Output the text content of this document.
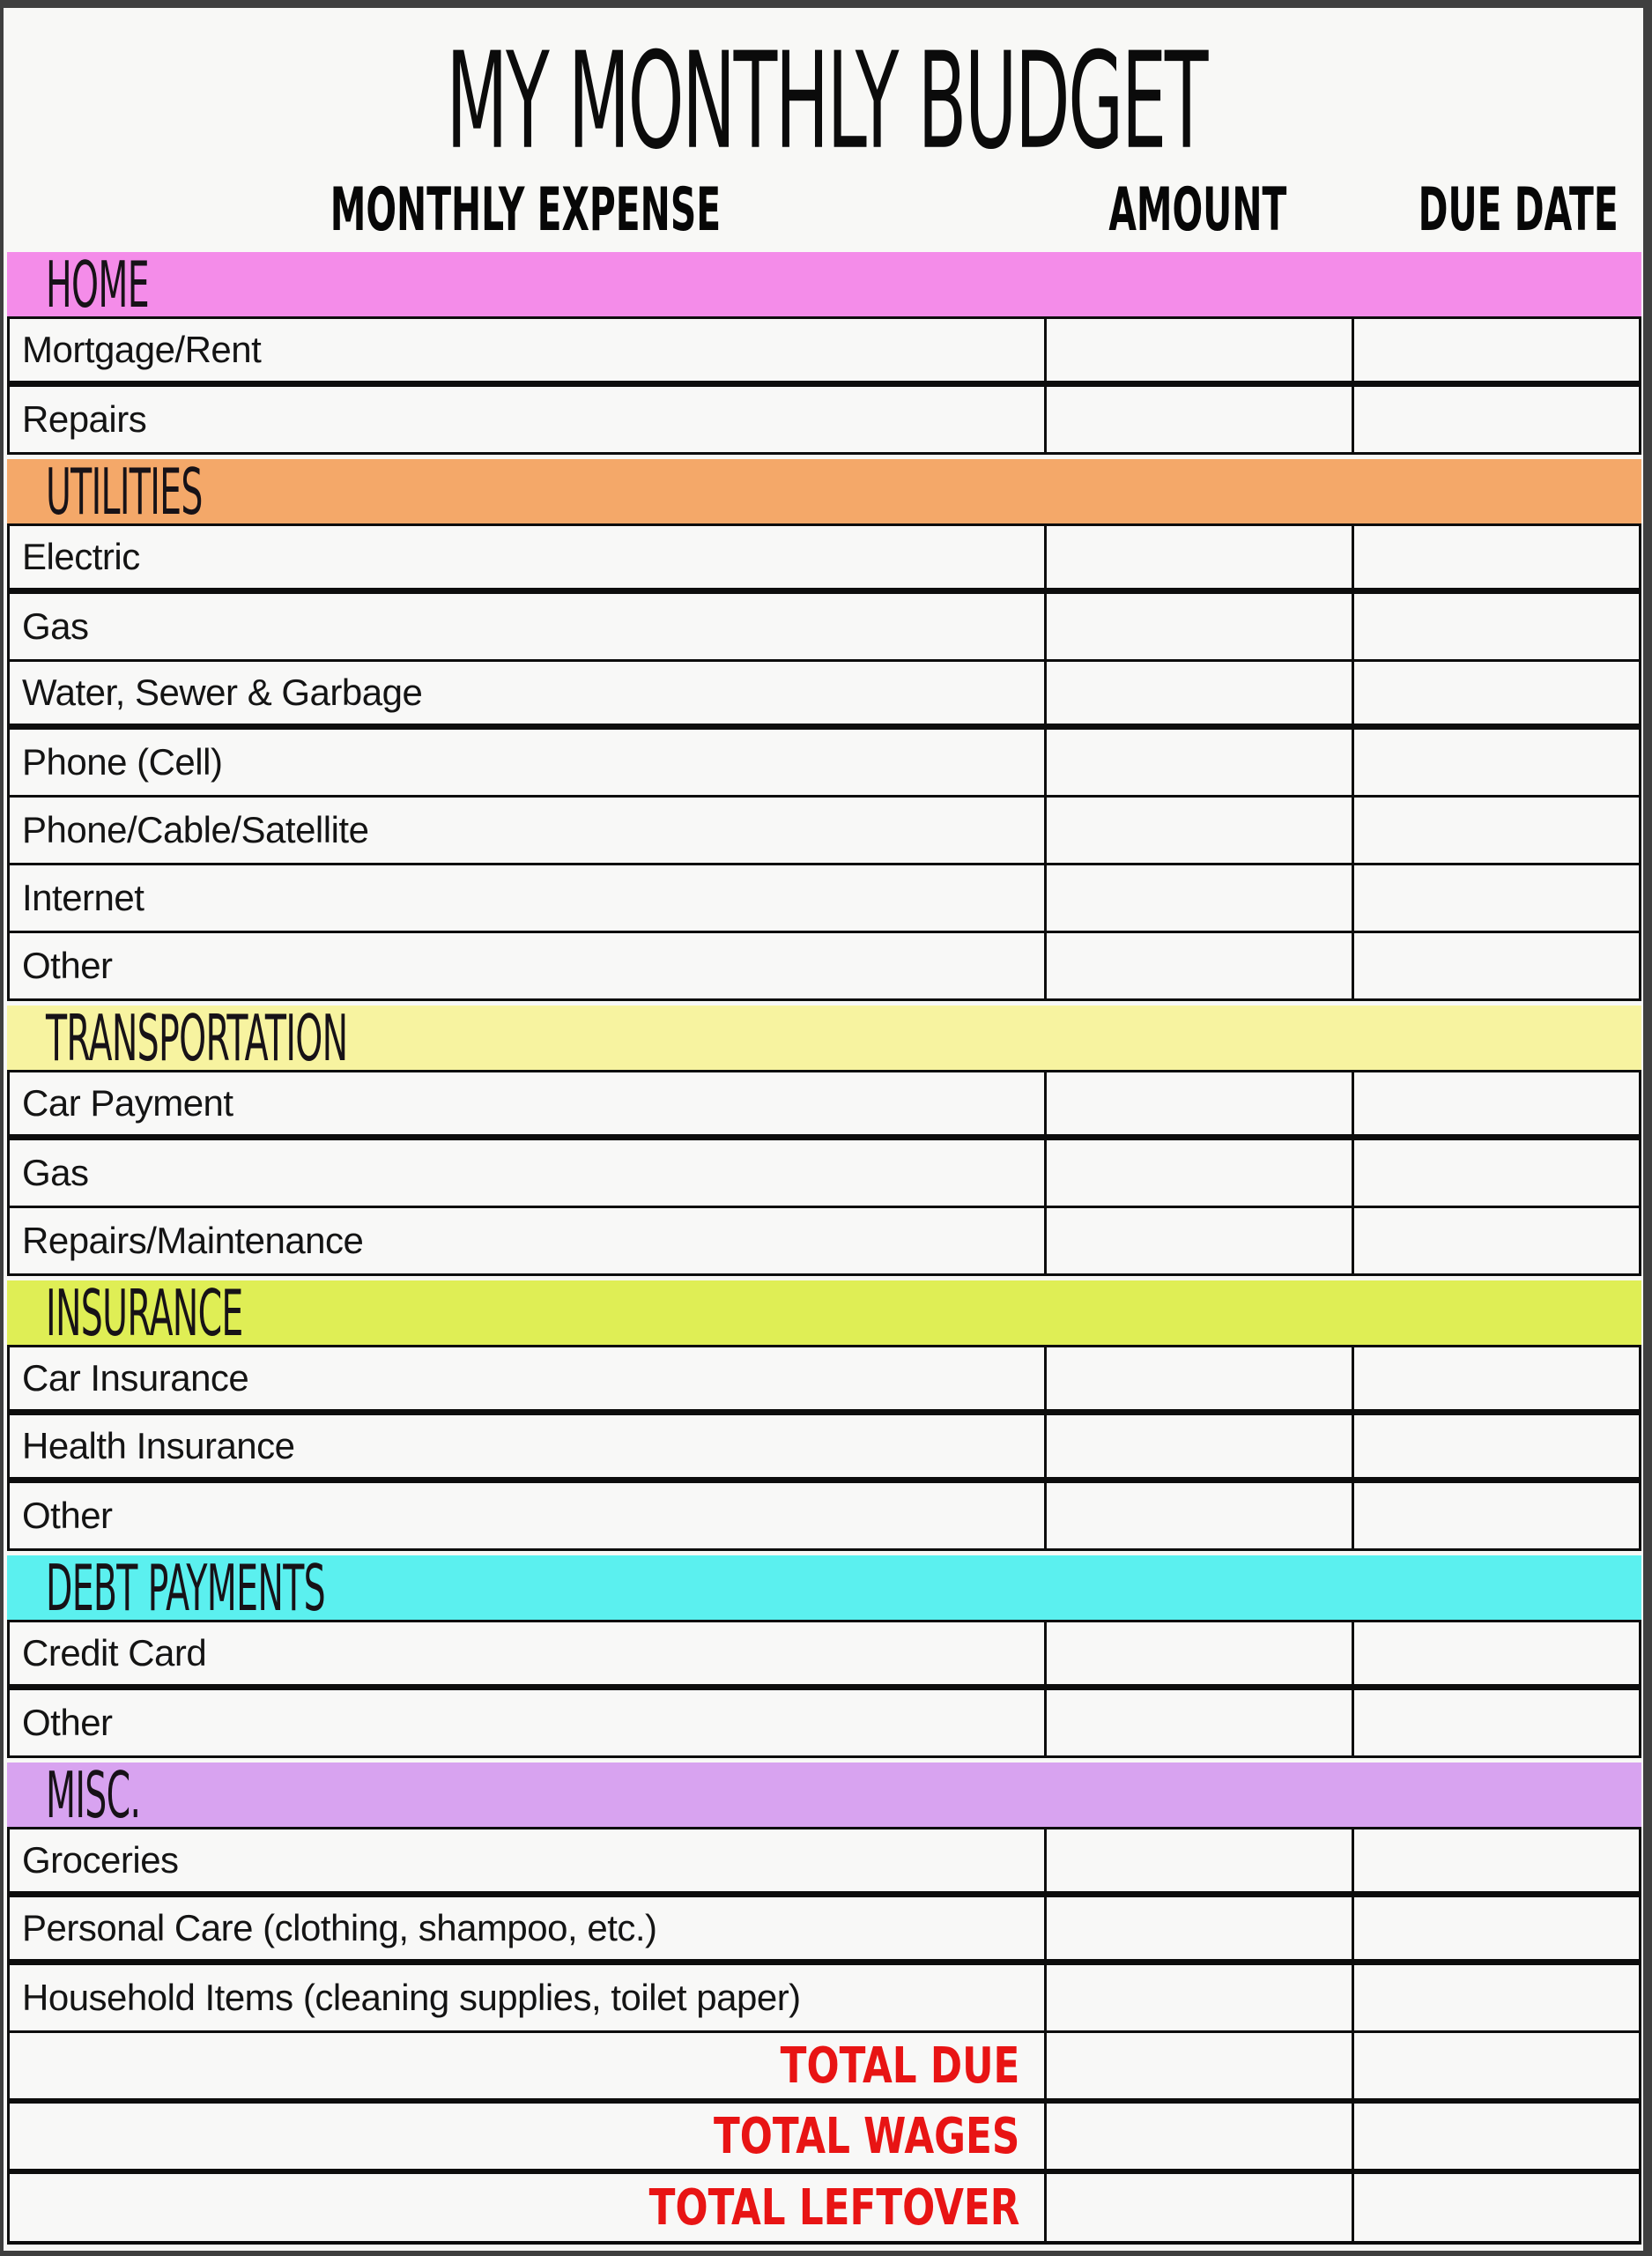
MY MONTHLY BUDGET
MONTHLY EXPENSE	AMOUNT	DUE DATE
HOME
Mortgage/Rent
Repairs
UTILITIES
Electric
Gas
Water, Sewer & Garbage
Phone (Cell)
Phone/Cable/Satellite
Internet
Other
TRANSPORTATION
Car Payment
Gas
Repairs/Maintenance
INSURANCE
Car Insurance
Health Insurance
Other
DEBT PAYMENTS
Credit Card
Other
MISC.
Groceries
Personal Care (clothing, shampoo, etc.)
Household Items (cleaning supplies, toilet paper)
TOTAL DUE
TOTAL WAGES
TOTAL LEFTOVER
